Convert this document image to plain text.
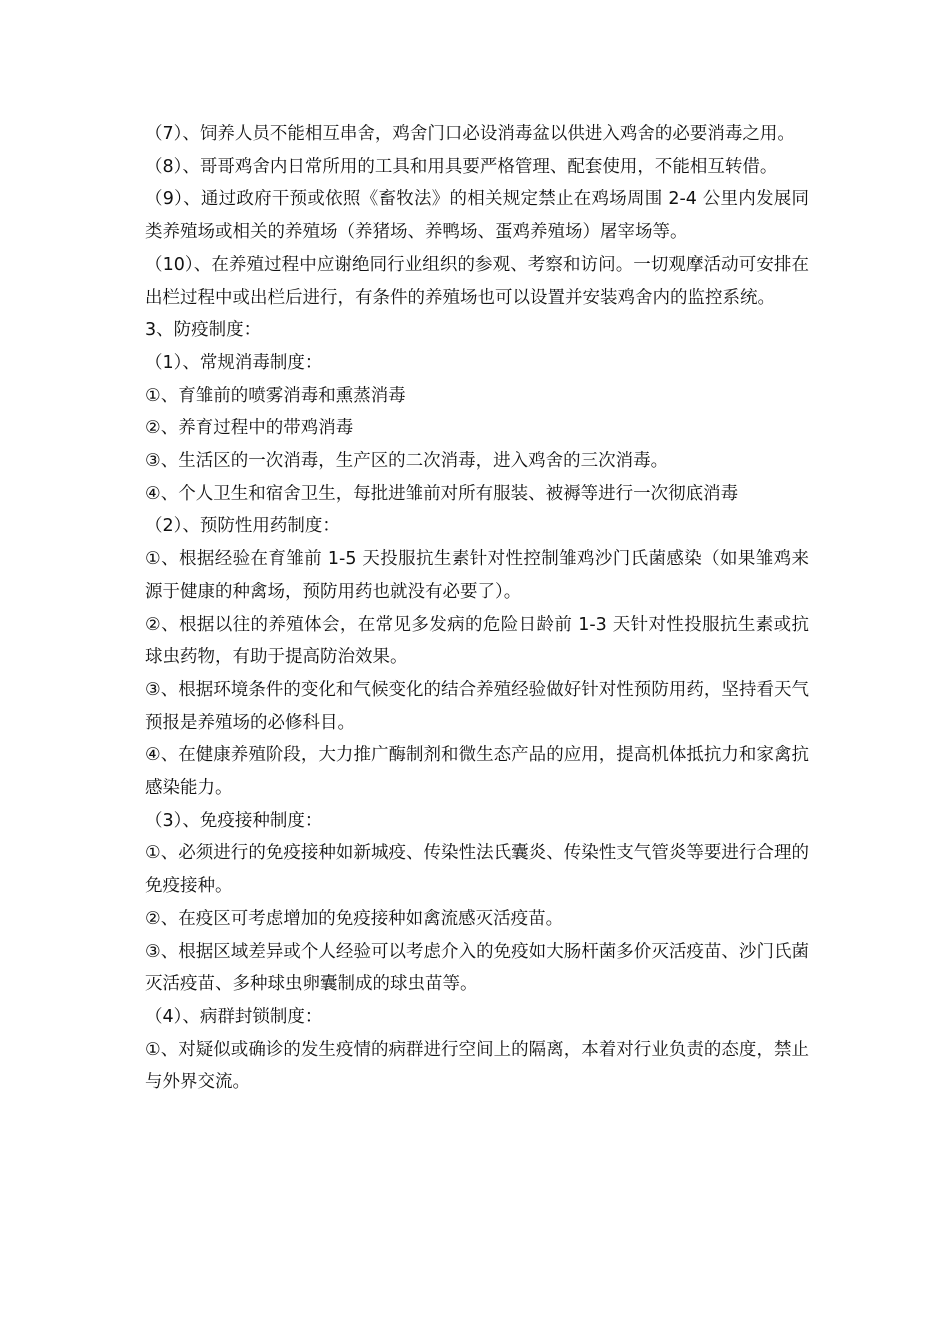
（7）、饲养人员不能相互串舍，鸡舍门口必设消毒盆以供进入鸡舍的必要消毒之用。

（8）、哥哥鸡舍内日常所用的工具和用具要严格管理、配套使用，不能相互转借。

（9）、通过政府干预或依照《畜牧法》的相关规定禁止在鸡场周围 2-4 公里内发展同类养殖场或相关的养殖场（养猪场、养鸭场、蛋鸡养殖场）屠宰场等。

（10）、在养殖过程中应谢绝同行业组织的参观、考察和访问。一切观摩活动可安排在出栏过程中或出栏后进行，有条件的养殖场也可以设置并安装鸡舍内的监控系统。

3、防疫制度：

（1）、常规消毒制度：

①、育雏前的喷雾消毒和熏蒸消毒

②、养育过程中的带鸡消毒

③、生活区的一次消毒，生产区的二次消毒，进入鸡舍的三次消毒。

④、个人卫生和宿舍卫生，每批进雏前对所有服装、被褥等进行一次彻底消毒

（2）、预防性用药制度：

①、根据经验在育雏前 1-5 天投服抗生素针对性控制雏鸡沙门氏菌感染（如果雏鸡来源于健康的种禽场，预防用药也就没有必要了）。

②、根据以往的养殖体会，在常见多发病的危险日龄前 1-3 天针对性投服抗生素或抗球虫药物，有助于提高防治效果。

③、根据环境条件的变化和气候变化的结合养殖经验做好针对性预防用药，坚持看天气预报是养殖场的必修科目。

④、在健康养殖阶段，大力推广酶制剂和微生态产品的应用，提高机体抵抗力和家禽抗感染能力。

（3）、免疫接种制度：

①、必须进行的免疫接种如新城疫、传染性法氏囊炎、传染性支气管炎等要进行合理的免疫接种。

②、在疫区可考虑增加的免疫接种如禽流感灭活疫苗。

③、根据区域差异或个人经验可以考虑介入的免疫如大肠杆菌多价灭活疫苗、沙门氏菌灭活疫苗、多种球虫卵囊制成的球虫苗等。

（4）、病群封锁制度：

①、对疑似或确诊的发生疫情的病群进行空间上的隔离，本着对行业负责的态度，禁止与外界交流。
